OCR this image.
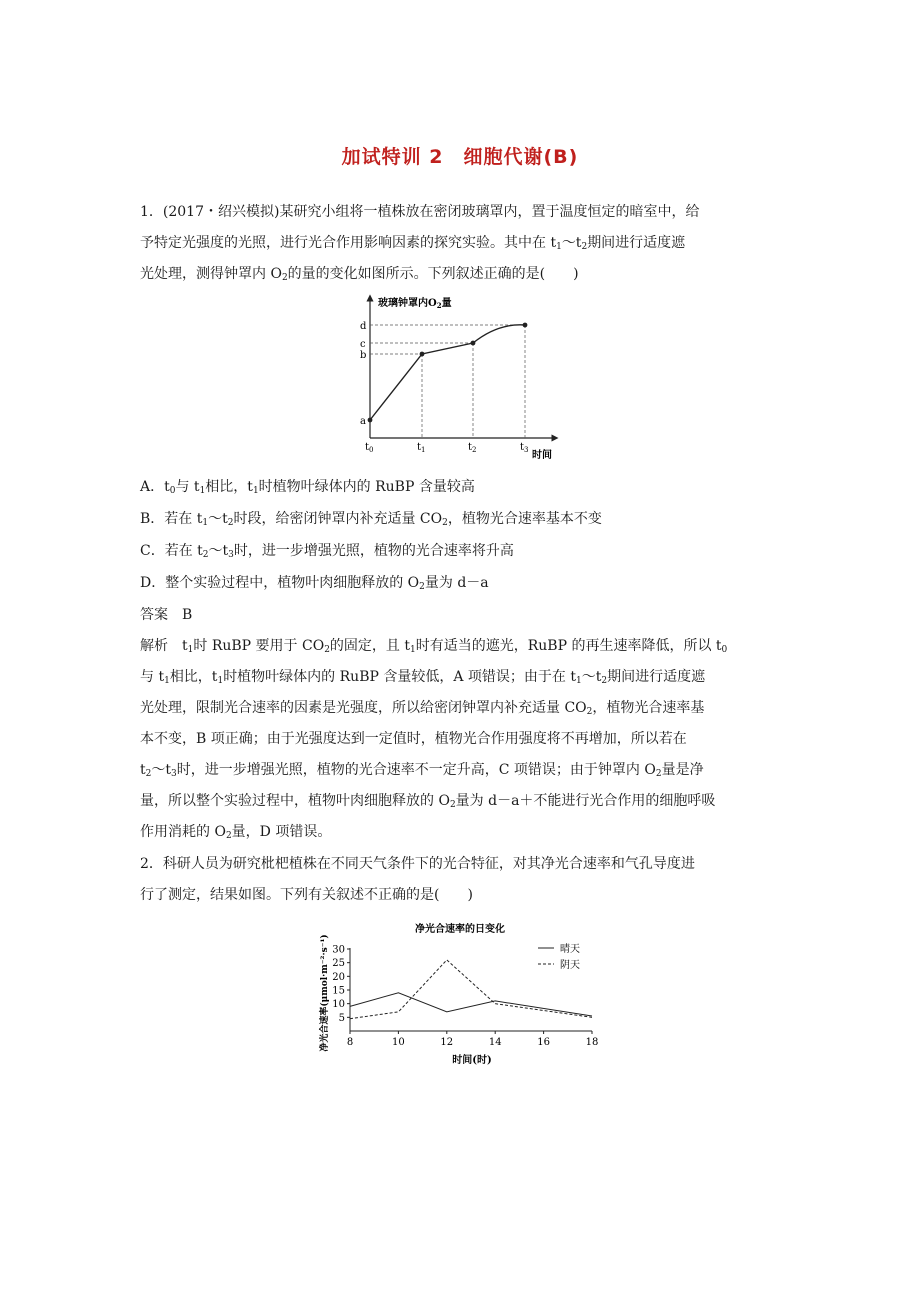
加试特训 2　细胞代谢(B)
1．(2017・绍兴模拟)某研究小组将一植株放在密闭玻璃罩内，置于温度恒定的暗室中，给
予特定光强度的光照，进行光合作用影响因素的探究实验。其中在 $t_1\sim t_2$期间进行适度遮
光处理，测得钟罩内 $O_2$的量的变化如图所示。下列叙述正确的是(　　)
玻璃钟罩内$O_2$量
时间
d
c
b
a
$t_0$	$t_1$	$t_2$	$t_3$
A．$t_0$与 $t_1$相比，$t_1$时植物叶绿体内的 RuBP 含量较高
B．若在 $t_1\sim t_2$时段，给密闭钟罩内补充适量 $CO_2$，植物光合速率基本不变
C．若在 $t_2\sim t_3$时，进一步增强光照，植物的光合速率将升高
D．整个实验过程中，植物叶肉细胞释放的 $O_2$量为 d－a
答案　B
解析　$t_1$时 RuBP 要用于 $CO_2$的固定，且 $t_1$时有适当的遮光，RuBP 的再生速率降低，所以 $t_0$
与 $t_1$相比，$t_1$时植物叶绿体内的 RuBP 含量较低，A 项错误；由于在 $t_1\sim t_2$期间进行适度遮
光处理，限制光合速率的因素是光强度，所以给密闭钟罩内补充适量 $CO_2$，植物光合速率基
本不变，B 项正确；由于光强度达到一定值时，植物光合作用强度将不再增加，所以若在
$t_2\sim t_3$时，进一步增强光照，植物的光合速率不一定升高，C 项错误；由于钟罩内 $O_2$量是净
量，所以整个实验过程中，植物叶肉细胞释放的 $O_2$量为 d－a＋不能进行光合作用的细胞呼吸
作用消耗的 $O_2$量，D 项错误。
2．科研人员为研究枇杷植株在不同天气条件下的光合特征，对其净光合速率和气孔导度进
行了测定，结果如图。下列有关叙述不正确的是(　　)
净光合速率的日变化
净光合速率(μmol·m⁻²·s⁻¹)
时间(时)
5
10
15
20
25
30
8	10	12	14	16	18
晴天
阴天
